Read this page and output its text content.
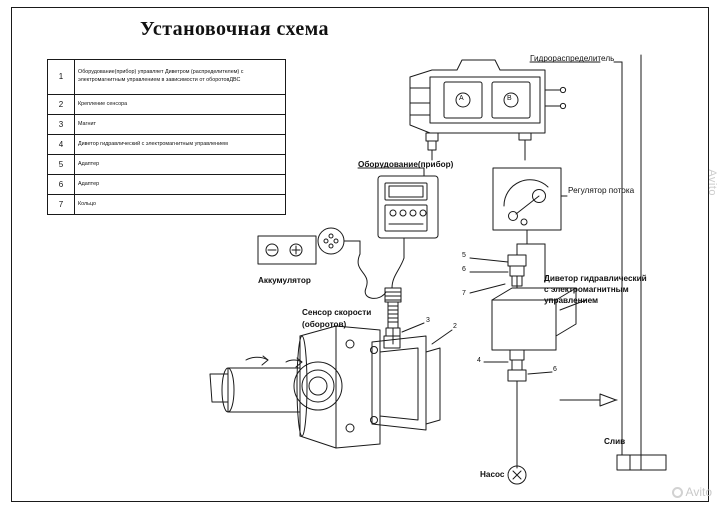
Установочная схема
1	Оборудование(прибор) управляет Диветром (распределителем) с электромагнитным управлением в зависимости от оборотовДВС
2	Крепление сенсора
3	Магнит
4	Диветор гидравлический с электромагнитным управлением
5	Адаптер
6	Адаптер
7	Кольцо
Гидрораспределитель
Оборудование(прибор)
Регулятор потока
Аккумулятор
Сенсор скорости
(оборотов)
Диветор гидравлический
с электромагнитным
управлением
Насос
Слив
A	B
5
6
7
4
6
3
2
Avito
Avito
